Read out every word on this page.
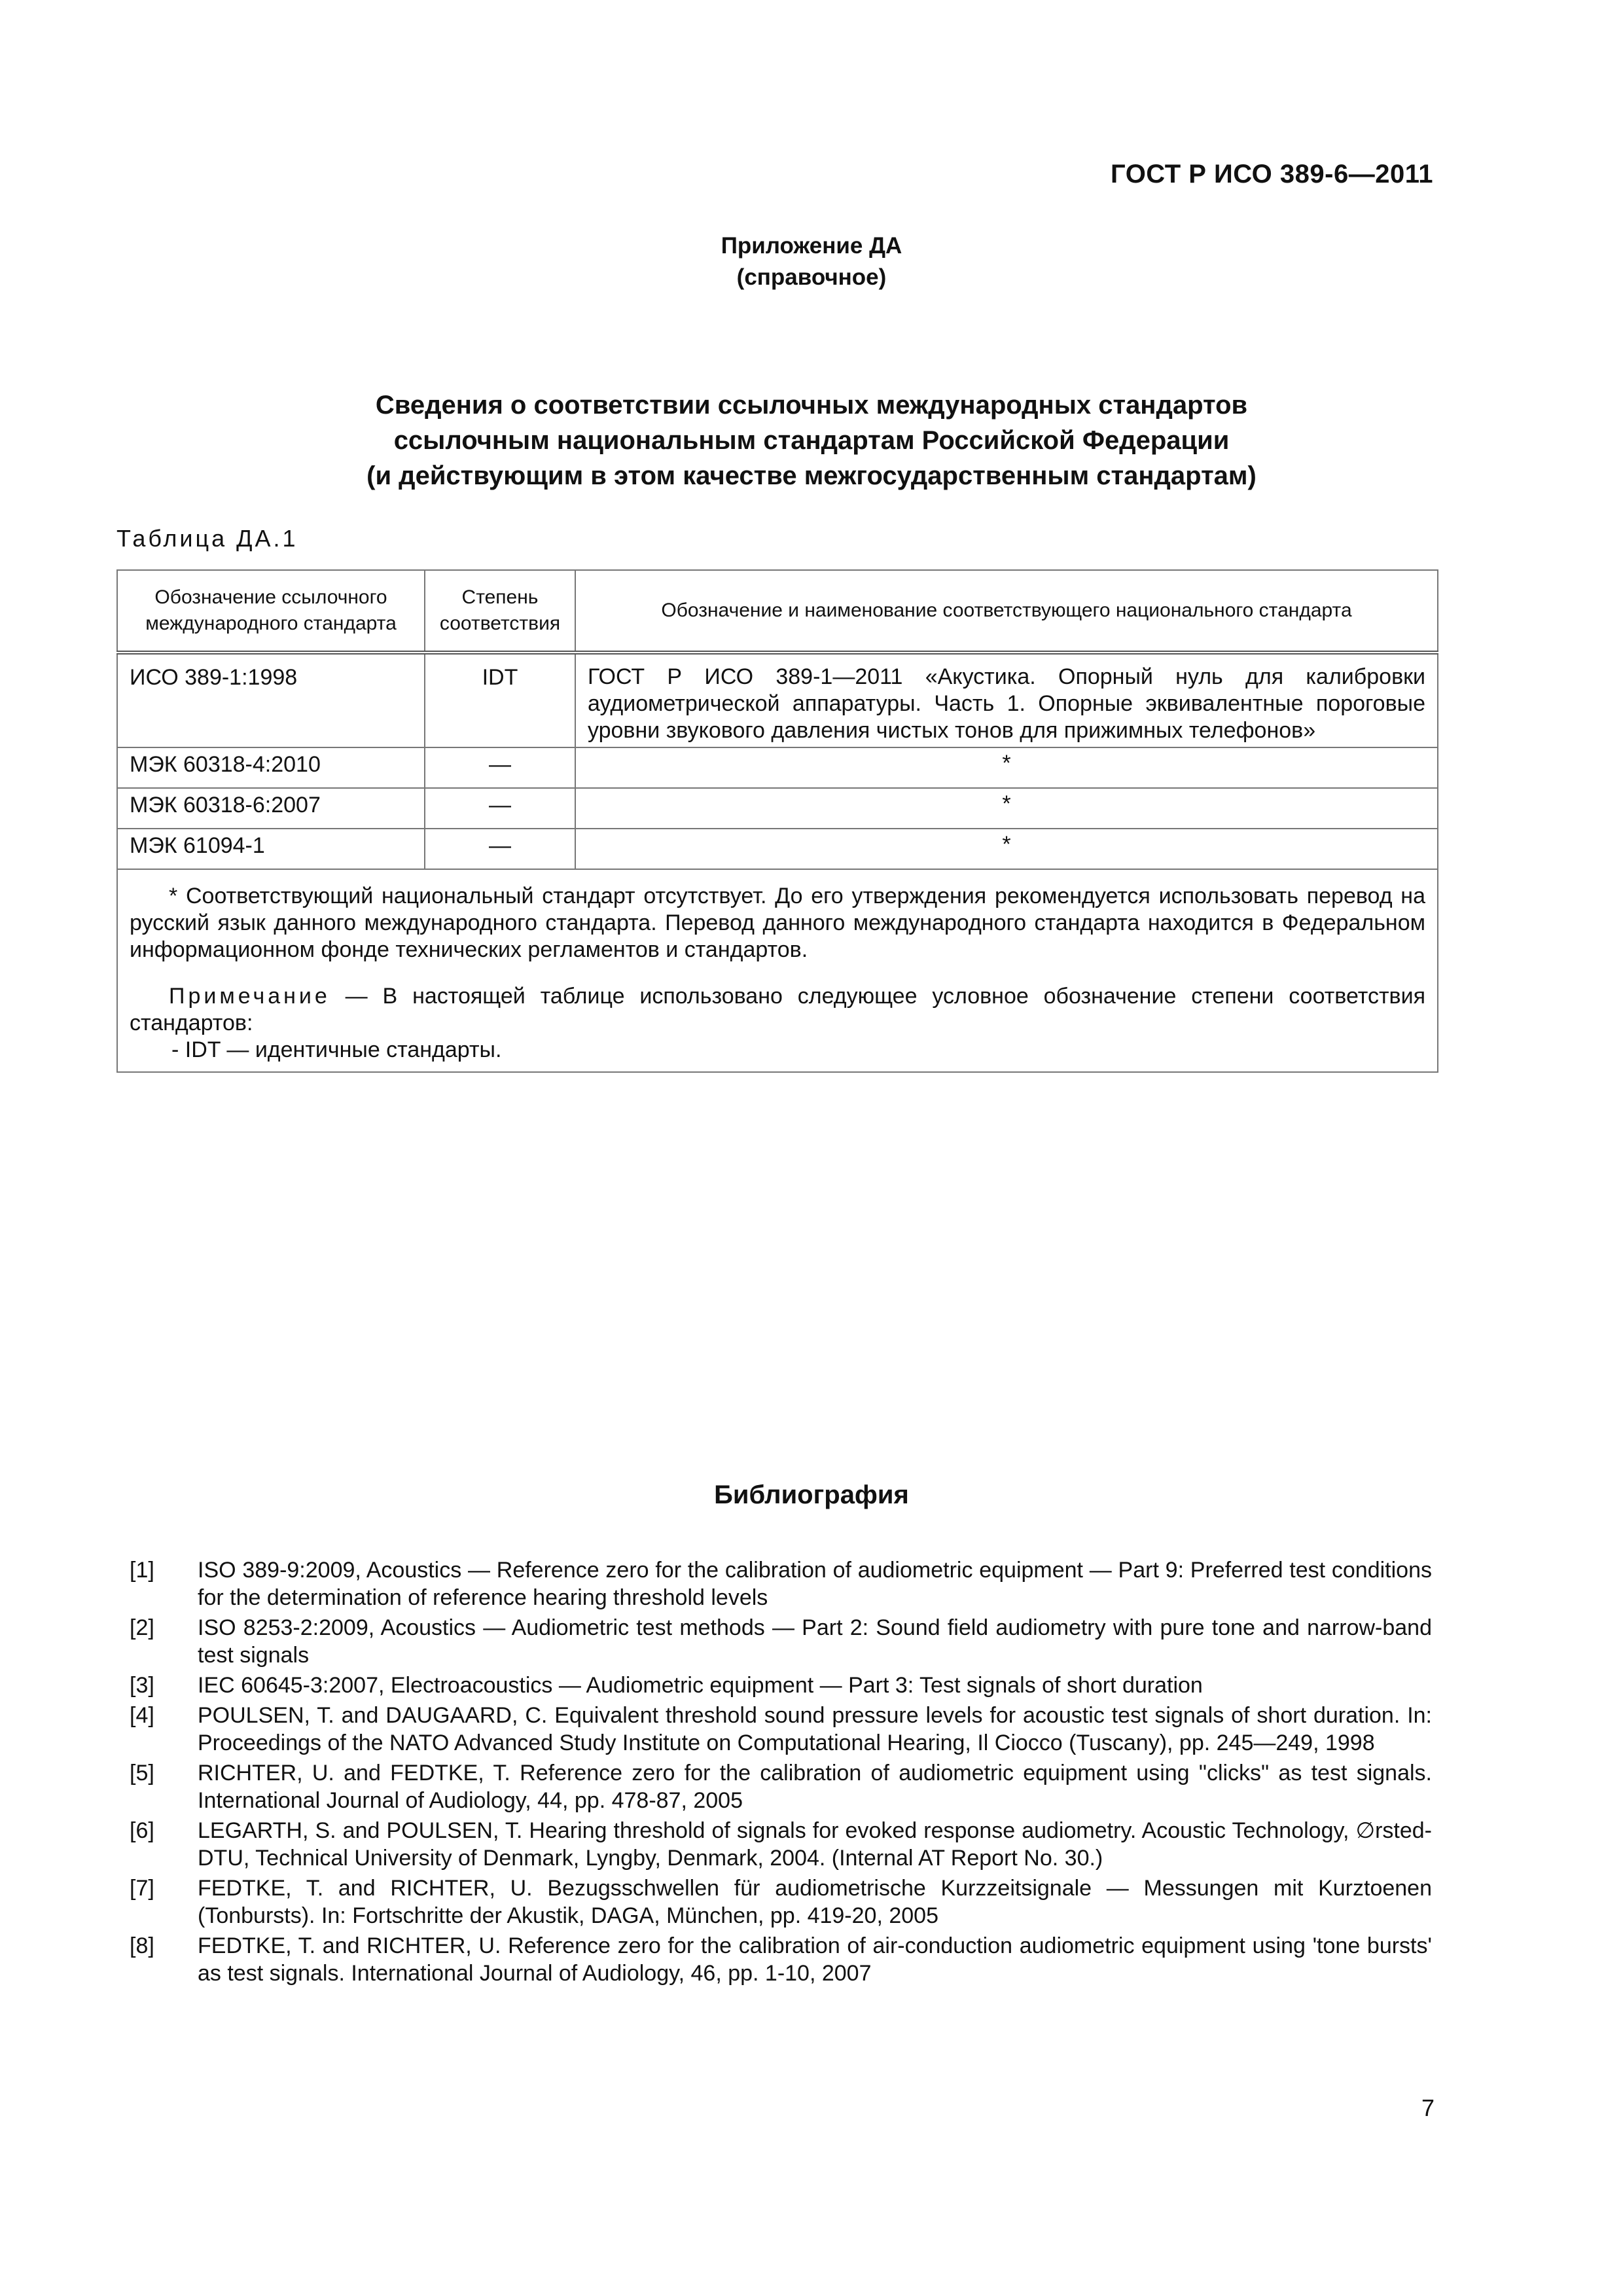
ГОСТ Р ИСО 389-6—2011
Приложение ДА
(справочное)
Сведения о соответствии ссылочных международных стандартов
ссылочным национальным стандартам Российской Федерации
(и действующим в этом качестве межгосударственным стандартам)
Таблица ДА.1
Обозначение ссылочного международного стандарта	Степень соответствия	Обозначение и наименование соответствующего национального стандарта
ИСО 389-1:1998	IDT	ГОСТ Р ИСО 389-1—2011 «Акустика. Опорный нуль для калибровки аудиометрической аппаратуры. Часть 1. Опорные эквивалентные пороговые уровни звукового давления чистых тонов для прижимных телефонов»
МЭК 60318-4:2010	—	*
МЭК 60318-6:2007	—	*
МЭК 61094-1	—	*

* Соответствующий национальный стандарт отсутствует. До его утверждения рекомендуется использовать перевод на русский язык данного международного стандарта. Перевод данного международного стандарта находится в Федеральном информационном фонде технических регламентов и стандартов.

Примечание — В настоящей таблице использовано следующее условное обозначение степени соответствия стандартов:

- IDT — идентичные стандарты.		

Библиография
[1]	ISO 389-9:2009, Acoustics — Reference zero for the calibration of audiometric equipment — Part 9: Preferred test conditions for the determination of reference hearing threshold levels
[2]	ISO 8253-2:2009, Acoustics — Audiometric test methods — Part 2: Sound field audiometry with pure tone and narrow-band test signals
[3]	IEC 60645-3:2007, Electroacoustics — Audiometric equipment — Part 3: Test signals of short duration
[4]	POULSEN, T. and DAUGAARD, C. Equivalent threshold sound pressure levels for acoustic test signals of short duration. In: Proceedings of the NATO Advanced Study Institute on Computational Hearing, Il Ciocco (Tuscany), pp. 245—249, 1998
[5]	RICHTER, U. and FEDTKE, T. Reference zero for the calibration of audiometric equipment using "clicks" as test signals. International Journal of Audiology, 44, pp. 478-87, 2005
[6]	LEGARTH, S. and POULSEN, T. Hearing threshold of signals for evoked response audiometry. Acoustic Technology, ∅rsted-DTU, Technical University of Denmark, Lyngby, Denmark, 2004. (Internal AT Report No. 30.)
[7]	FEDTKE, T. and RICHTER, U. Bezugsschwellen für audiometrische Kurzzeitsignale — Messungen mit Kurztoenen (Tonbursts). In: Fortschritte der Akustik, DAGA, München, pp. 419-20, 2005
[8]	FEDTKE, T. and RICHTER, U. Reference zero for the calibration of air-conduction audiometric equipment using 'tone bursts' as test signals. International Journal of Audiology, 46, pp. 1-10, 2007
7
